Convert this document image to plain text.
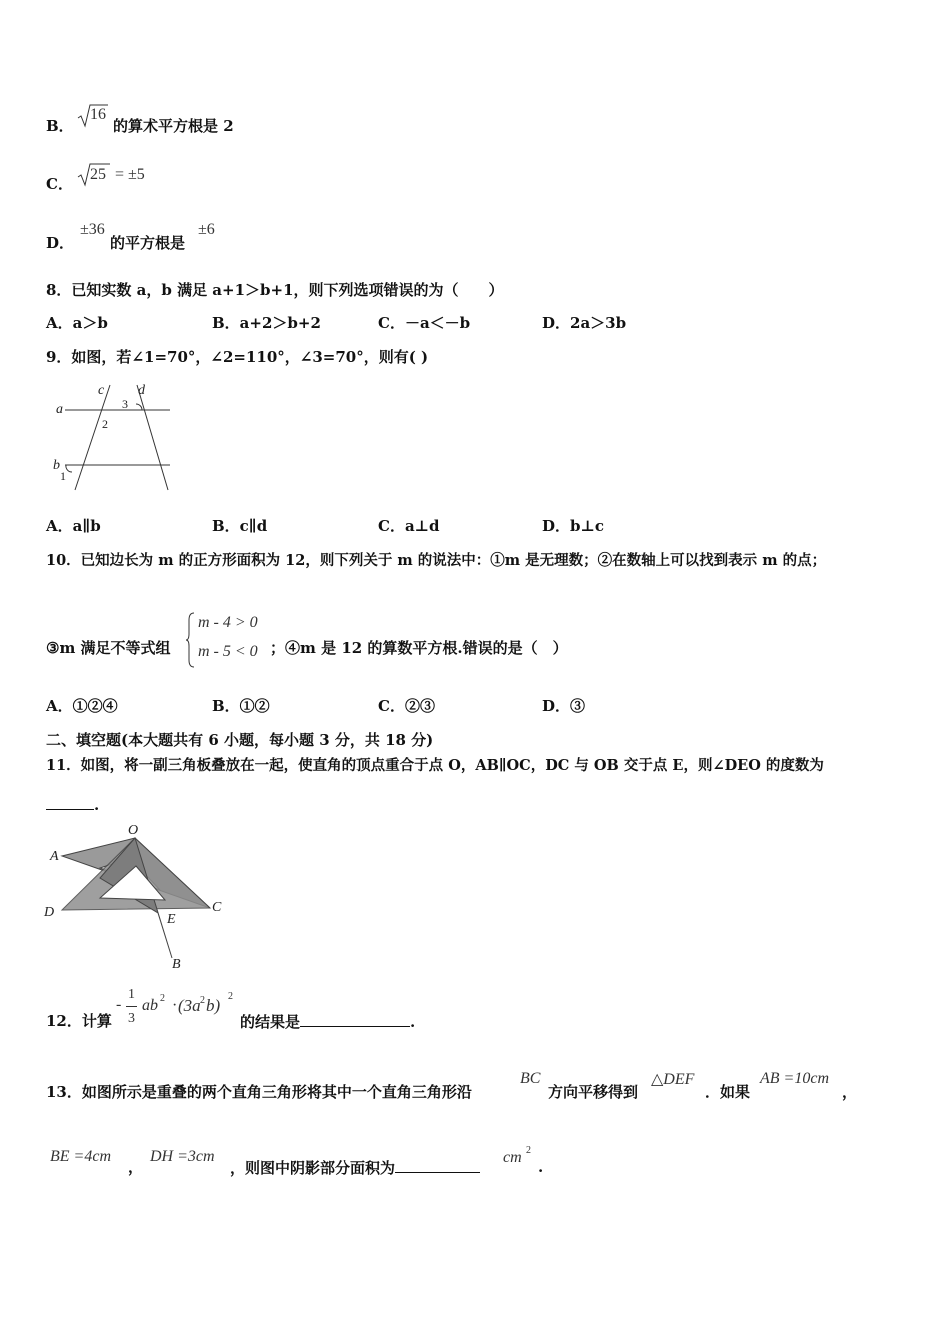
B．
16
的算术平方根是 2
C．
25 = ±5
D．
±36
的平方根是
±6
8．已知实数 a，b 满足 a+1＞b+1，则下列选项错误的为（　　）
A．a＞b	B．a+2＞b+2	C．－a＜－b	D．2a＞3b
9．如图，若∠1=70°，∠2=110°，∠3=70°，则有( )
a
b
c d
1
2
3
A．a∥b	B．c∥d	C．a⊥d	D．b⊥c
10．已知边长为 m 的正方形面积为 12，则下列关于 m 的说法中：①m 是无理数；②在数轴上可以找到表示 m 的点；
③m 满足不等式组
m - 4 > 0
m - 5 < 0 ；④m 是 12 的算数平方根.错误的是（　）
A．①②④	B．①②	C．②③	D．③
二、填空题(本大题共有 6 小题，每小题 3 分，共 18 分)
11．如图，将一副三角板叠放在一起，使直角的顶点重合于点 O，AB∥OC，DC 与 OB 交于点 E，则∠DEO 的度数为
.
O
A
D	C
E
B
12．计算
-
1
3
ab 2 · (3a 2 b) 2
的结果是	.
13．如图所示是重叠的两个直角三角形将其中一个直角三角形沿
BC
方向平移得到
△DEF
．如果
AB =10cm
，
BE =4cm
，
DH =3cm
，则图中阴影部分面积为
cm 2
.
